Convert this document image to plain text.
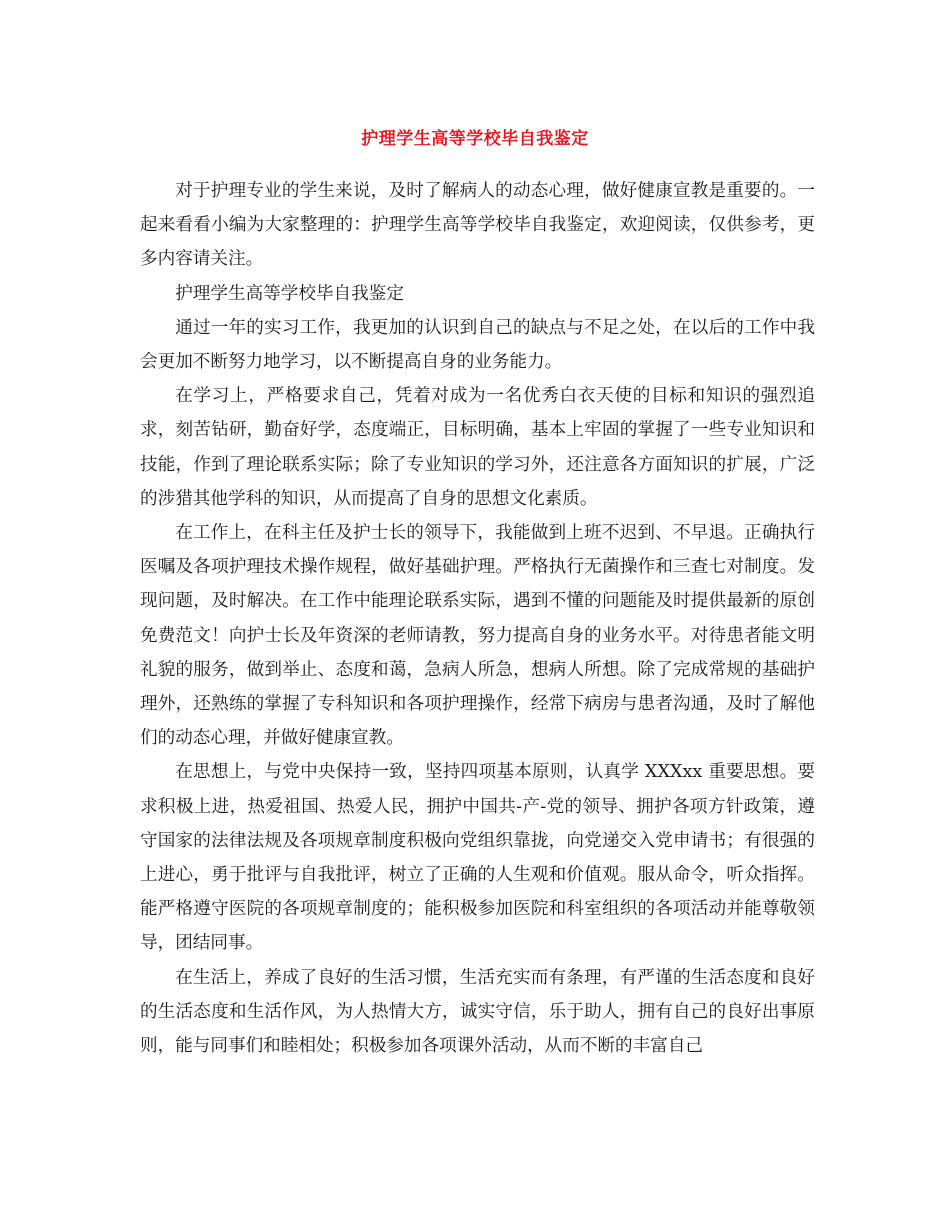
护理学生高等学校毕自我鉴定

对于护理专业的学生来说，及时了解病人的动态心理，做好健康宣教是重要的。一起来看看小编为大家整理的：护理学生高等学校毕自我鉴定，欢迎阅读，仅供参考，更多内容请关注。

护理学生高等学校毕自我鉴定

通过一年的实习工作，我更加的认识到自己的缺点与不足之处，在以后的工作中我会更加不断努力地学习，以不断提高自身的业务能力。

在学习上，严格要求自己，凭着对成为一名优秀白衣天使的目标和知识的强烈追求，刻苦钻研，勤奋好学，态度端正，目标明确，基本上牢固的掌握了一些专业知识和技能，作到了理论联系实际；除了专业知识的学习外，还注意各方面知识的扩展，广泛的涉猎其他学科的知识，从而提高了自身的思想文化素质。

在工作上，在科主任及护士长的领导下，我能做到上班不迟到、不早退。正确执行医嘱及各项护理技术操作规程，做好基础护理。严格执行无菌操作和三查七对制度。发现问题，及时解决。在工作中能理论联系实际，遇到不懂的问题能及时提供最新的原创免费范文！向护士长及年资深的老师请教，努力提高自身的业务水平。对待患者能文明礼貌的服务，做到举止、态度和蔼，急病人所急，想病人所想。除了完成常规的基础护理外，还熟练的掌握了专科知识和各项护理操作，经常下病房与患者沟通，及时了解他们的动态心理，并做好健康宣教。

在思想上，与党中央保持一致，坚持四项基本原则，认真学 XXXxx 重要思想。要求积极上进，热爱祖国、热爱人民，拥护中国共-产-党的领导、拥护各项方针政策，遵守国家的法律法规及各项规章制度积极向党组织靠拢，向党递交入党申请书；有很强的上进心，勇于批评与自我批评，树立了正确的人生观和价值观。服从命令，听众指挥。能严格遵守医院的各项规章制度的；能积极参加医院和科室组织的各项活动并能尊敬领导，团结同事。

在生活上，养成了良好的生活习惯，生活充实而有条理，有严谨的生活态度和良好的生活态度和生活作风，为人热情大方，诚实守信，乐于助人，拥有自己的良好出事原则，能与同事们和睦相处；积极参加各项课外活动，从而不断的丰富自己
